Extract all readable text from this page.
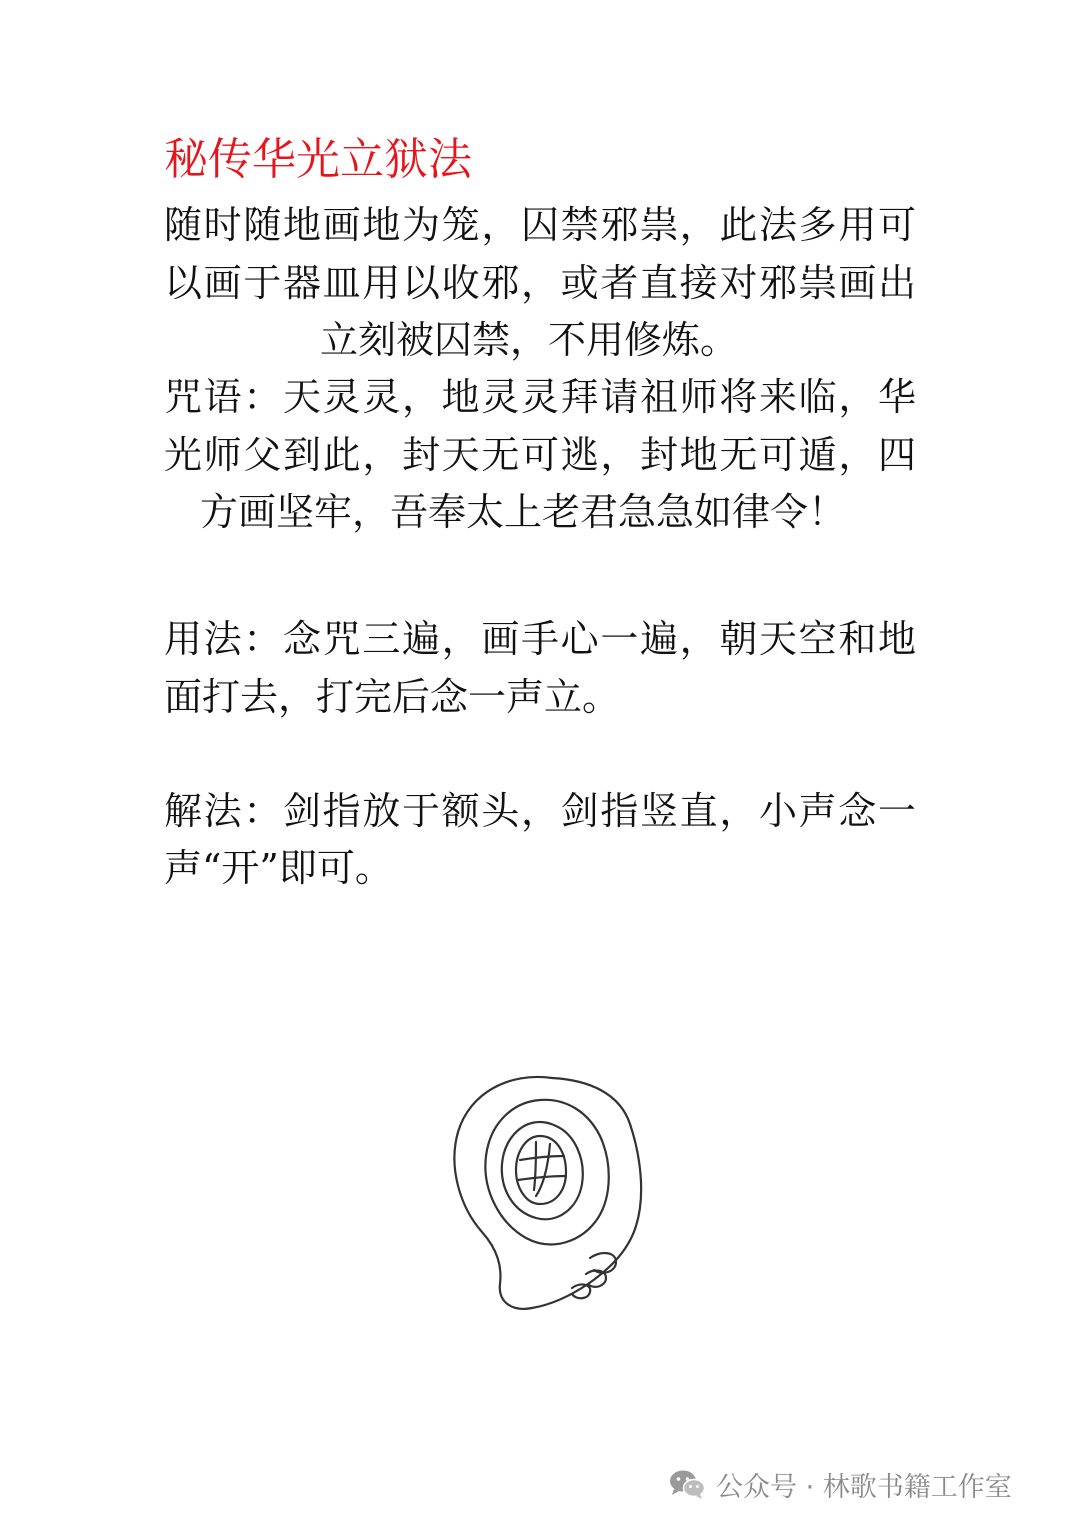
秘传华光立狱法
随时随地画地为笼，囚禁邪祟，此法多用可
以画于器皿用以收邪，或者直接对邪祟画出
立刻被囚禁，不用修炼。
咒语：天灵灵，地灵灵拜请祖师将来临，华
光师父到此，封天无可逃，封地无可遁，四
方画坚牢，吾奉太上老君急急如律令！
用法：念咒三遍，画手心一遍，朝天空和地
面打去，打完后念一声立。
解法：剑指放于额头，剑指竖直，小声念一
声“开”即可。
公众号 · 林歌书籍工作室
